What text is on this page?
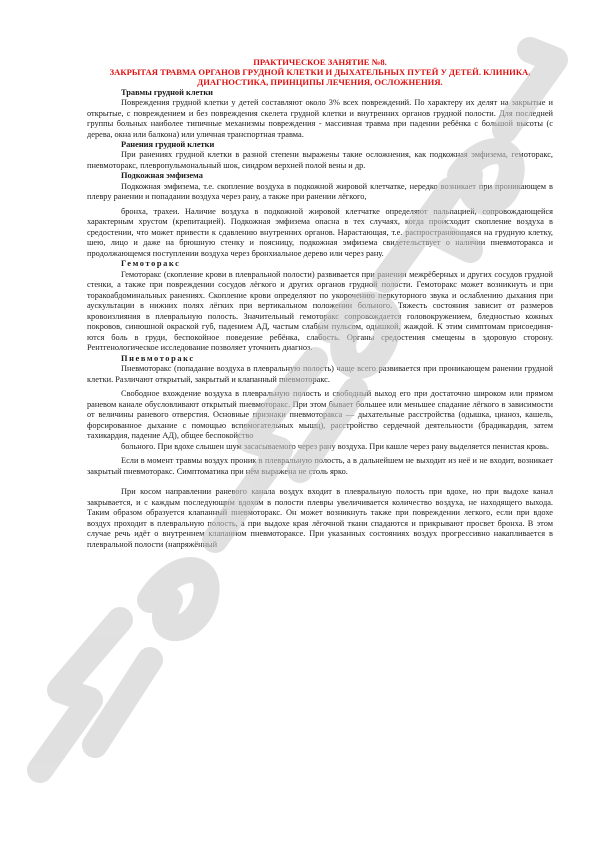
ПРАКТИЧЕСКОЕ ЗАНЯТИЕ №8.
ЗАКРЫТАЯ ТРАВМА ОРГАНОВ ГРУДНОЙ КЛЕТКИ И ДЫХАТЕЛЬНЫХ ПУТЕЙ У ДЕТЕЙ. КЛИНИКА, ДИАГНОСТИКА, ПРИНЦИПЫ ЛЕЧЕНИЯ, ОСЛОЖНЕНИЯ.
Травмы грудной клетки

Повреждения грудной клетки у детей составляют около 3% всех повреждений. По характеру их делят на закрытые и открытые, с повреждением и без повреждения скелета грудной клетки и внутренних органов грудной полости. Для последней группы больных наиболее типичные механизмы повреждения - массивная травма при падении ребёнка с большой высоты (с дерева, окна или балкона) или уличная транспортная травма.

Ранения грудной клетки

При ранениях грудной клетки в разной степени выражены такие осложнения, как подкожная эмфизема, гемоторакс, пневмоторакс, плевропульмональный шок, синдром верхней полой вены и др.

Подкожная эмфизема

Подкожная эмфизема, т.е. скопление воздуха в подкожной жировой клетчатке, нередко возникает при проникающем в плевру ранении и попадании воздуха через рану, а также при ранении лёгкого,

бронха, трахеи. Наличие воздуха в подкожной жировой клетчатке определяют пальпацией, сопровождающейся характерным хрустом (крепитацией). Подкожная эмфизема опасна в тех случаях, когда происходит скопление воздуха в средостении, что может привести к сдавлению внутренних органов. Нарастающая, т.е. распространяющаяся на грудную клетку, шею, лицо и даже на брюшную стенку и поясницу, подкожная эмфизема свидетельствует о наличии пневмоторакса и продолжающемся поступлении воздуха через бронхиальное дерево или через рану.

Гемоторакс

Гемоторакс (скопление крови в плевральной полости) развивается при ранении межрёберных и других сосудов грудной стенки, а также при повреждении сосудов лёгкого и других органов грудной полости. Гемоторакс может возникнуть и при торакоабдоминальных ранениях. Скопление крови определяют по укорочению перкуторного звука и ослаблению дыхания при аускультации в нижних полях лёгких при вертикальном положении больного. Тяжесть состояния зависит от размеров кровоизлияния в плевральную полость. Значительный гемоторакс сопровождается головокружением, бледностью кожных покровов, синюшной окраской губ, падением АД, частым слабым пульсом, одышкой, жаждой. К этим симптомам присоединя-ются боль в груди, беспокойное поведение ребёнка, слабость. Органы средостения смещены в здоровую сторону. Рентгенологическое исследование позволяет уточнить диагноз.

Пневмоторакс

Пневмоторакс (попадание воздуха в плевральную полость) чаще всего развивается при проникающем ранении грудной клетки. Различают открытый, закрытый и клапанный пневмоторакс.

Свободное вхождение воздуха в плевральную полость и свободный выход его при достаточно широком или прямом раневом канале обусловливают открытый пневмоторакс. При этом бывает большее или меньшее спадание лёгкого в зависимости от величины раневого отверстия. Основные признаки пневмоторакса — дыхательные расстройства (одышка, цианоз, кашель, форсированное дыхание с помощью вспомогательных мышц), расстройство сердечной деятельности (брадикардия, затем тахикардия, падение АД), общее беспокойство

больного. При вдохе слышен шум засасываемого через рану воздуха. При кашле через рану выделяется пенистая кровь.

Если в момент травмы воздух проник в плевральную полость, а в дальнейшем не выходит из неё и не входит, возникает закрытый пневмоторакс. Симптоматика при нём выражена не столь ярко.

При косом направлении раневого канала воздух входит в плевральную полость при вдохе, но при выдохе канал закрывается, и с каждым последующим вдохом в полости плевры увеличивается количество воздуха, не находящего выхода. Таким образом образуется клапанный пневмоторакс. Он может возникнуть также при повреждении легкого, если при вдохе воздух проходит в плевральную полость, а при выдохе края лёгочной ткани спадаются и прикрывают просвет бронха. В этом случае речь идёт о внутреннем клапанном пневмотораксе. При указанных состояниях воздух прогрессивно накапливается в плевральной полости (напряжённый
